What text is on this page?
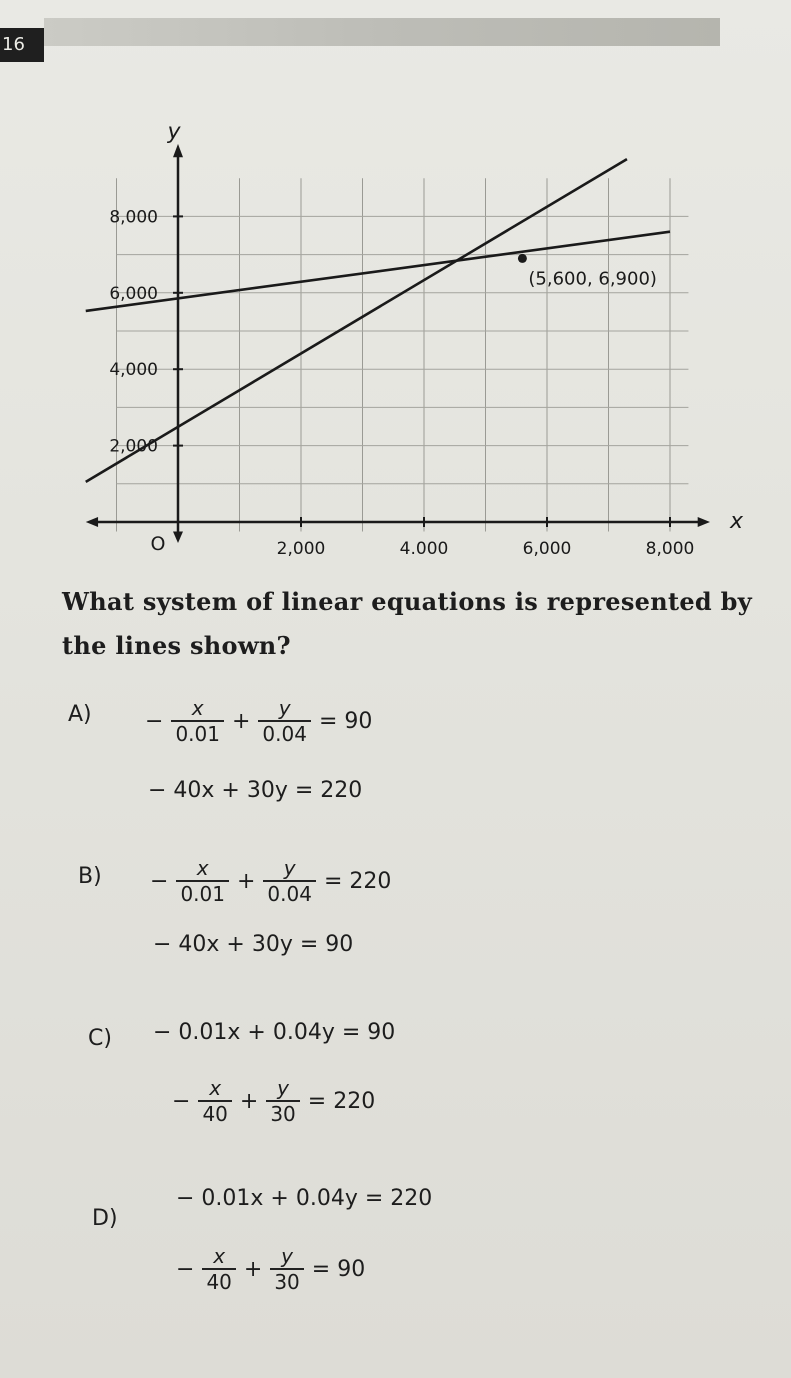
16
2,000	4.000	6,000	8,000
2,000
4,000
6,000
8,000
O
x
y
(5,600, 6,900)
What system of linear equations is represented by the lines shown?
$A) - \frac{x}{0.01} + \frac{y}{0.04} = 90$
− 40x + 30y = 220
$B) - \frac{x}{0.01} + \frac{y}{0.04} = 220$
− 40x + 30y = 90
C) − 0.01x + 0.04y = 90
− $\frac{x}{40} + \frac{y}{30} = 220$
D)
− 0.01x + 0.04y = 220
− $\frac{x}{40} + \frac{y}{30} = 90$
